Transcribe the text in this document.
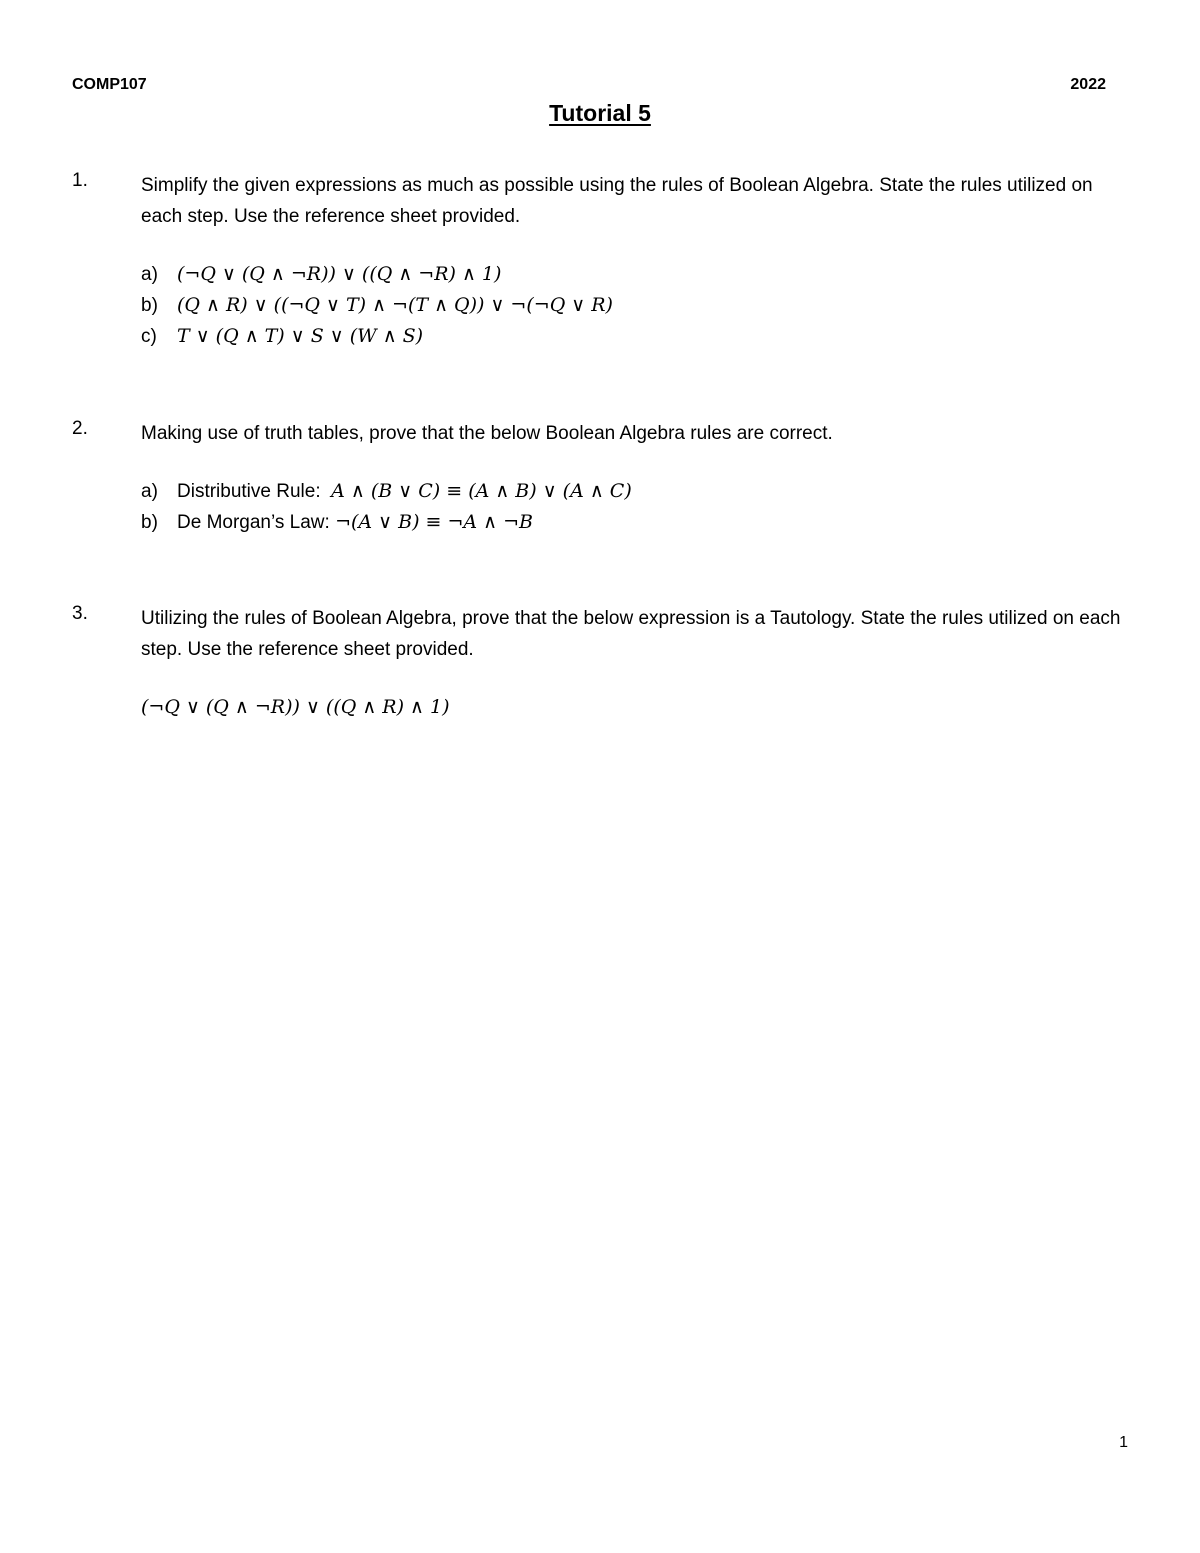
COMP107	2022
Tutorial 5
1.	Simplify the given expressions as much as possible using the rules of Boolean Algebra. State the rules utilized on each step. Use the reference sheet provided.
a) (¬Q ∨ (Q ∧ ¬R)) ∨ ((Q ∧ ¬R) ∧ 1)
b) (Q ∧ R) ∨ ((¬Q ∨ T) ∧ ¬(T ∧ Q)) ∨ ¬(¬Q ∨ R)
c) T ∨ (Q ∧ T) ∨ S ∨ (W ∧ S)
2.	Making use of truth tables, prove that the below Boolean Algebra rules are correct.
a) Distributive Rule: A ∧ (B ∨ C) ≡ (A ∧ B) ∨ (A ∧ C)
b) De Morgan’s Law: ¬(A ∨ B) ≡ ¬A ∧ ¬B
3.	Utilizing the rules of Boolean Algebra, prove that the below expression is a Tautology. State the rules utilized on each step. Use the reference sheet provided.
(¬Q ∨ (Q ∧ ¬R)) ∨ ((Q ∧ R) ∧ 1)
1
